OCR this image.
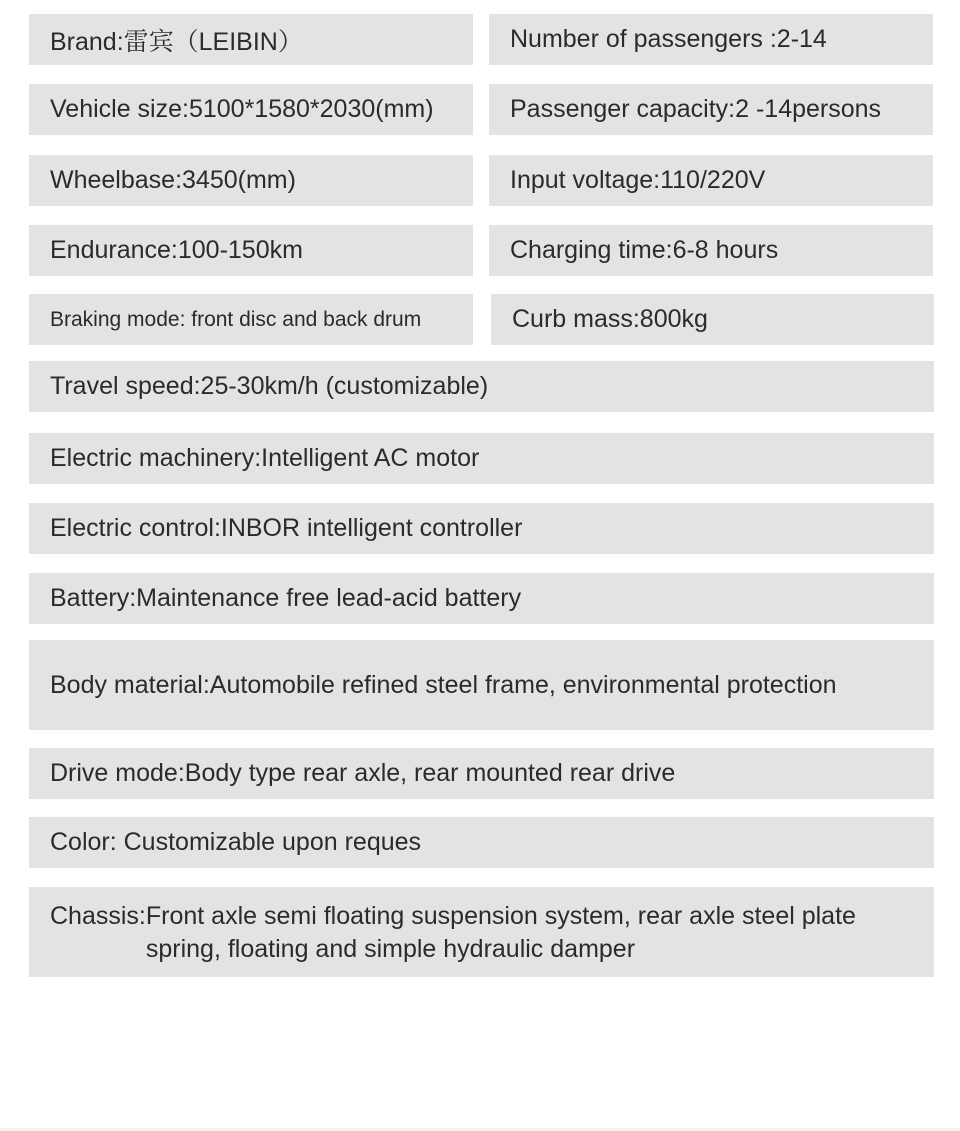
Brand:雷宾（LEIBIN）	Number of passengers :2-14
Vehicle size:5100*1580*2030(mm)	Passenger capacity:2 -14persons
Wheelbase:3450(mm)	Input voltage:110/220V
Endurance:100-150km	Charging time:6-8 hours
Braking mode: front disc and back drum	Curb mass:800kg
Travel speed:25-30km/h (customizable)
Electric machinery:Intelligent AC motor
Electric control:INBOR intelligent controller
Battery:Maintenance free lead-acid battery
Body material:Automobile refined steel frame, environmental protection
Drive mode:Body type rear axle, rear mounted rear drive
Color: Customizable upon reques
Chassis: Front axle semi floating suspension system, rear axle steel plate spring, floating and simple hydraulic damper
